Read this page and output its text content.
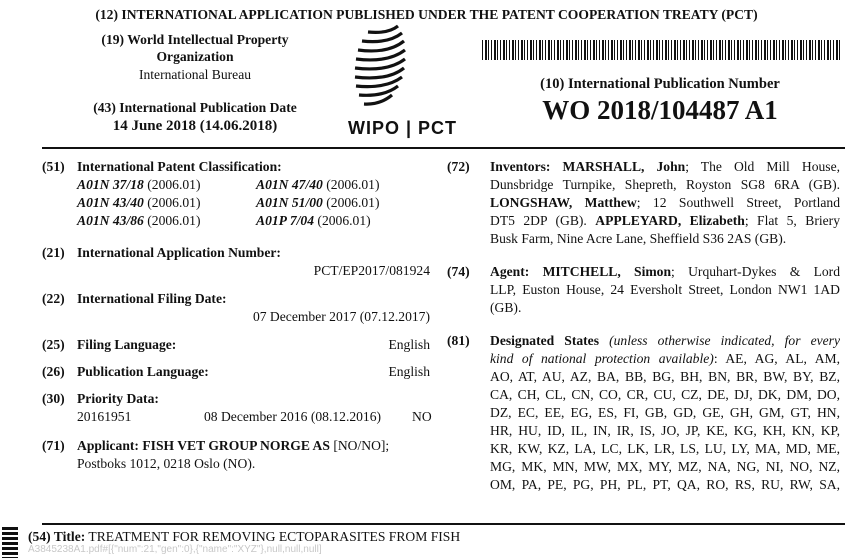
(12) INTERNATIONAL APPLICATION PUBLISHED UNDER THE PATENT COOPERATION TREATY (PCT)
(19) World Intellectual Property
Organization
International Bureau
(43) International Publication Date
14 June 2018 (14.06.2018)	WIPO | PCT
(10) International Publication Number
WO 2018/104487 A1
(51) International Patent Classification:
A01N 37/18 (2006.01)	A01N 47/40 (2006.01)
A01N 43/40 (2006.01)	A01N 51/00 (2006.01)
A01N 43/86 (2006.01)	A01P 7/04 (2006.01)
(21) International Application Number:
PCT/EP2017/081924
(22) International Filing Date:
07 December 2017 (07.12.2017)
(25) Filing Language:	English
(26) Publication Language:	English
(30) Priority Data:
20161951	08 December 2016 (08.12.2016) NO
(71) Applicant: FISH VET GROUP NORGE AS [NO/NO];
Postboks 1012, 0218 Oslo (NO).
(72) Inventors: MARSHALL, John; The Old Mill House,
Dunsbridge Turnpike, Shepreth, Royston SG8 6RA (GB).
LONGSHAW, Matthew; 12 Southwell Street, Portland
DT5 2DP (GB). APPLEYARD, Elizabeth; Flat 5, Briery
Busk Farm, Nine Acre Lane, Sheffield S36 2AS (GB).
(74) Agent: MITCHELL, Simon; Urquhart-Dykes & Lord
LLP, Euston House, 24 Eversholt Street, London NW1 1AD
(GB).
(81) Designated States (unless otherwise indicated, for every
kind of national protection available): AE, AG, AL, AM,
AO, AT, AU, AZ, BA, BB, BG, BH, BN, BR, BW, BY, BZ,
CA, CH, CL, CN, CO, CR, CU, CZ, DE, DJ, DK, DM, DO,
DZ, EC, EE, EG, ES, FI, GB, GD, GE, GH, GM, GT, HN,
HR, HU, ID, IL, IN, IR, IS, JO, JP, KE, KG, KH, KN, KP,
KR, KW, KZ, LA, LC, LK, LR, LS, LU, LY, MA, MD, ME,
MG, MK, MN, MW, MX, MY, MZ, NA, NG, NI, NO, NZ,
OM, PA, PE, PG, PH, PL, PT, QA, RO, RS, RU, RW, SA,
(54) Title: TREATMENT FOR REMOVING ECTOPARASITES FROM FISH
A3845238A1.pdf#[{"num":21,"gen":0},{"name":"XYZ"},null,null,null]
